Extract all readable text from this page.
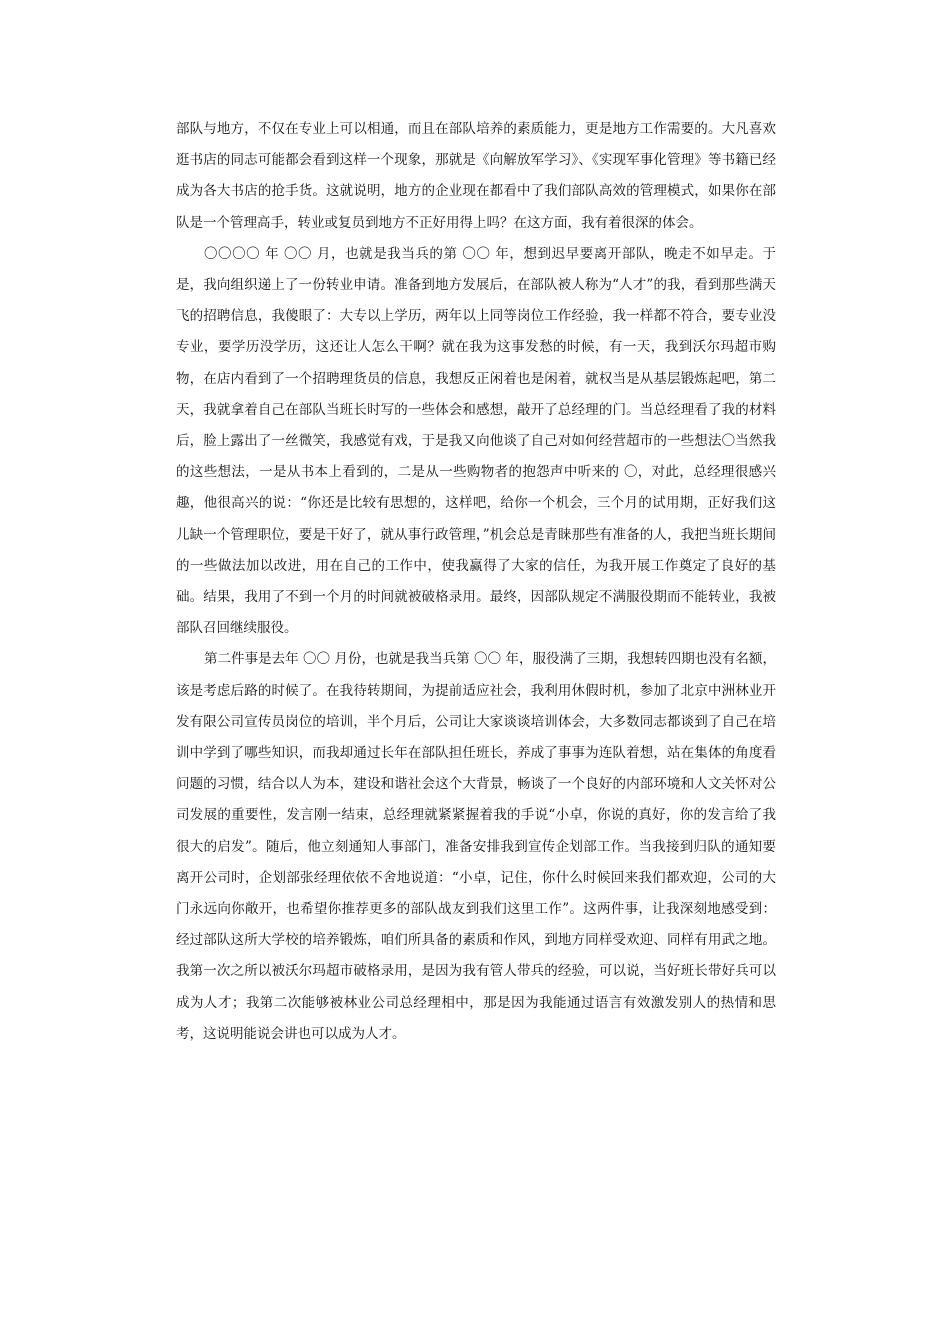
部队与地方，不仅在专业上可以相通，而且在部队培养的素质能力，更是地方工作需要的。大凡喜欢逛书店的同志可能都会看到这样一个现象，那就是《向解放军学习》、《实现军事化管理》等书籍已经成为各大书店的抢手货。这就说明，地方的企业现在都看中了我们部队高效的管理模式，如果你在部队是一个管理高手，转业或复员到地方不正好用得上吗？在这方面，我有着很深的体会。

〇〇〇〇 年 〇〇 月，也就是我当兵的第 〇〇 年，想到迟早要离开部队，晚走不如早走。于是，我向组织递上了一份转业申请。准备到地方发展后，在部队被人称为“人才”的我，看到那些满天飞的招聘信息，我傻眼了：大专以上学历，两年以上同等岗位工作经验，我一样都不符合，要专业没专业，要学历没学历，这还让人怎么干啊？就在我为这事发愁的时候，有一天，我到沃尔玛超市购物，在店内看到了一个招聘理货员的信息，我想反正闲着也是闲着，就权当是从基层锻炼起吧，第二天，我就拿着自己在部队当班长时写的一些体会和感想，敲开了总经理的门。当总经理看了我的材料后，脸上露出了一丝微笑，我感觉有戏，于是我又向他谈了自己对如何经营超市的一些想法〇当然我的这些想法，一是从书本上看到的，二是从一些购物者的抱怨声中听来的 〇，对此，总经理很感兴趣，他很高兴的说：“你还是比较有思想的，这样吧，给你一个机会，三个月的试用期，正好我们这儿缺一个管理职位，要是干好了，就从事行政管理，”机会总是青睐那些有准备的人，我把当班长期间的一些做法加以改进，用在自己的工作中，使我赢得了大家的信任，为我开展工作奠定了良好的基础。结果，我用了不到一个月的时间就被破格录用。最终，因部队规定不满服役期而不能转业，我被部队召回继续服役。

第二件事是去年 〇〇 月份，也就是我当兵第 〇〇 年，服役满了三期，我想转四期也没有名额，该是考虑后路的时候了。在我待转期间，为提前适应社会，我利用休假时机，参加了北京中洲林业开发有限公司宣传员岗位的培训，半个月后，公司让大家谈谈培训体会，大多数同志都谈到了自己在培训中学到了哪些知识，而我却通过长年在部队担任班长，养成了事事为连队着想，站在集体的角度看问题的习惯，结合以人为本，建设和谐社会这个大背景，畅谈了一个良好的内部环境和人文关怀对公司发展的重要性，发言刚一结束，总经理就紧紧握着我的手说“小卓，你说的真好，你的发言给了我很大的启发”。随后，他立刻通知人事部门，准备安排我到宣传企划部工作。当我接到归队的通知要离开公司时，企划部张经理依依不舍地说道：“小卓，记住，你什么时候回来我们都欢迎，公司的大门永远向你敞开，也希望你推荐更多的部队战友到我们这里工作”。这两件事，让我深刻地感受到：经过部队这所大学校的培养锻炼，咱们所具备的素质和作风，到地方同样受欢迎、同样有用武之地。我第一次之所以被沃尔玛超市破格录用，是因为我有管人带兵的经验，可以说，当好班长带好兵可以成为人才；我第二次能够被林业公司总经理相中，那是因为我能通过语言有效激发别人的热情和思考，这说明能说会讲也可以成为人才。
